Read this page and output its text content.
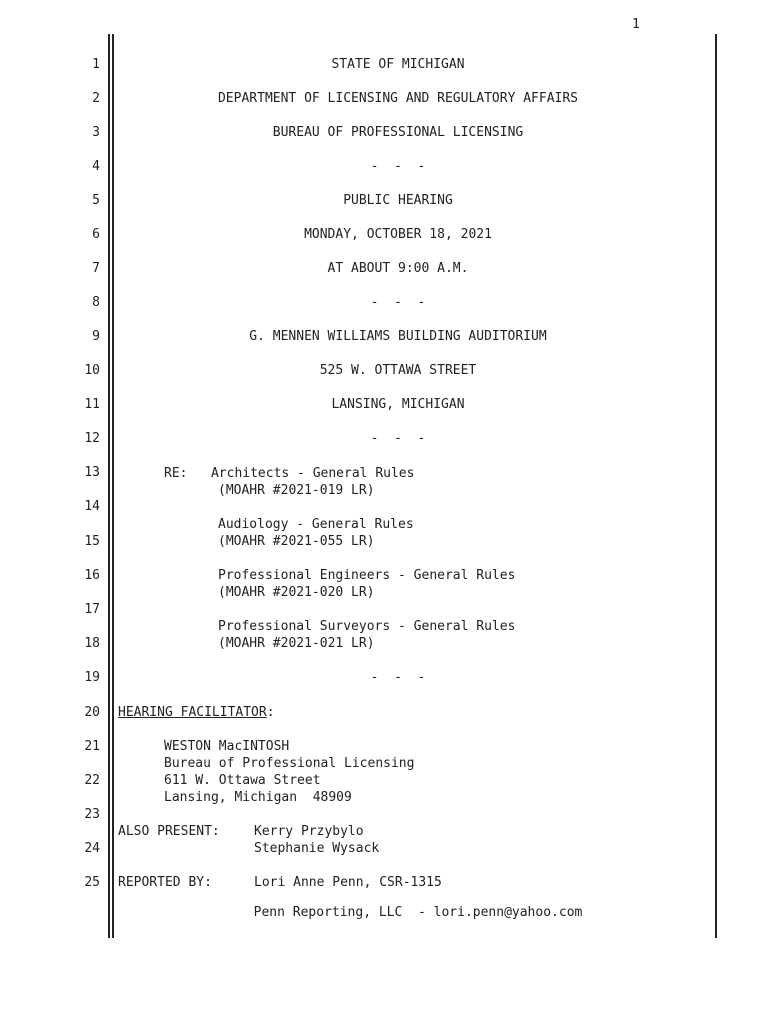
1
1
2
3
4
5
6
7
8
9
10
11
12
13
14
15
16
17
18
19
20
21
22
23
24
25
STATE OF MICHIGAN
DEPARTMENT OF LICENSING AND REGULATORY AFFAIRS
BUREAU OF PROFESSIONAL LICENSING
-  -  -
PUBLIC HEARING
MONDAY, OCTOBER 18, 2021
AT ABOUT 9:00 A.M.
-  -  -
G. MENNEN WILLIAMS BUILDING AUDITORIUM
525 W. OTTAWA STREET
LANSING, MICHIGAN
-  -  -
RE:   Architects - General Rules
(MOAHR #2021-019 LR)
Audiology - General Rules
(MOAHR #2021-055 LR)
Professional Engineers - General Rules
(MOAHR #2021-020 LR)
Professional Surveyors - General Rules
(MOAHR #2021-021 LR)
-  -  -
HEARING FACILITATOR:
WESTON MacINTOSH
Bureau of Professional Licensing
611 W. Ottawa Street
Lansing, Michigan  48909
ALSO PRESENT:	Kerry Przybylo
Stephanie Wysack
REPORTED BY:	Lori Anne Penn, CSR-1315
Penn Reporting, LLC  - lori.penn@yahoo.com
